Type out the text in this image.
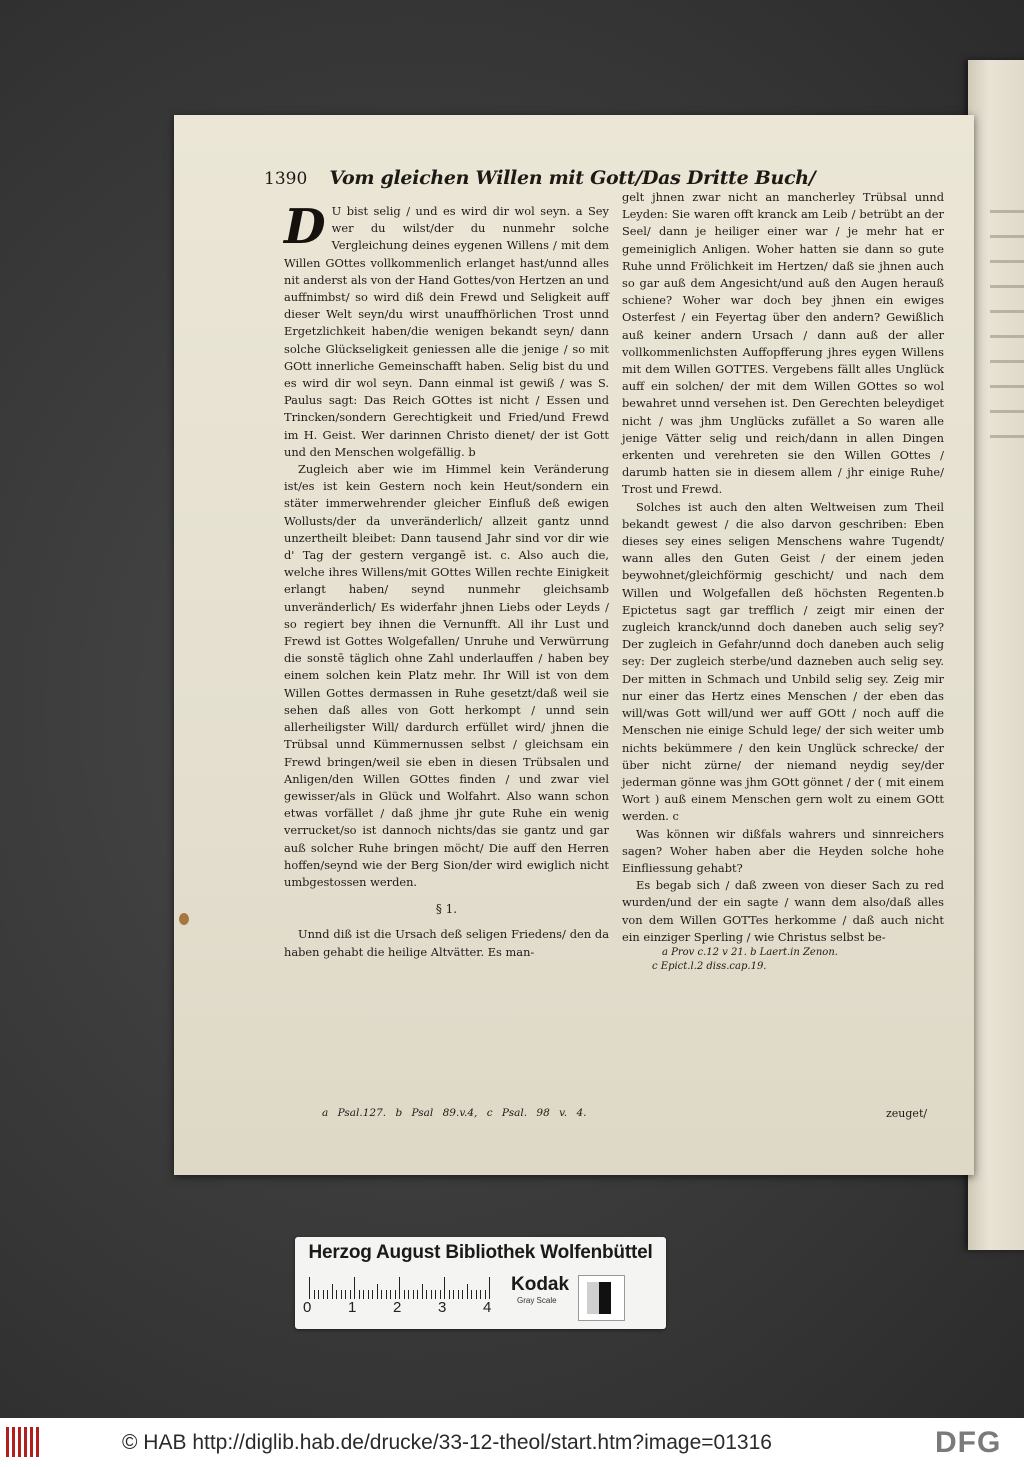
1390 Vom gleichen Willen mit Gott/Das Dritte Buch/

D U bist selig / und es wird dir wol seyn. a Sey wer du wilst/der du nunmehr solche Vergleichung deines eygenen Willens / mit dem Willen GOttes vollkommenlich erlanget hast/unnd alles nit anderst als von der Hand Gottes/von Hertzen an und auffnimbst/ so wird diß dein Frewd und Seligkeit auff dieser Welt seyn/du wirst unauffhörlichen Trost unnd Ergetzlichkeit haben/die wenigen bekandt seyn/ dann solche Glückseligkeit geniessen alle die jenige / so mit GOtt innerliche Gemeinschafft haben. Selig bist du und es wird dir wol seyn. Dann einmal ist gewiß / was S. Paulus sagt: Das Reich GOttes ist nicht / Essen und Trincken/sondern Gerechtigkeit und Fried/und Frewd im H. Geist. Wer darinnen Christo dienet/ der ist Gott und den Menschen wolgefällig. b

Zugleich aber wie im Himmel kein Veränderung ist/es ist kein Gestern noch kein Heut/sondern ein stäter immerwehrender gleicher Einfluß deß ewigen Wollusts/der da unveränderlich/ allzeit gantz unnd unzertheilt bleibet: Dann tausend Jahr sind vor dir wie d' Tag der gestern vergangē ist. c. Also auch die, welche ihres Willens/mit GOttes Willen rechte Einigkeit erlangt haben/ seynd nunmehr gleichsamb unveränderlich/ Es widerfahr jhnen Liebs oder Leyds / so regiert bey ihnen die Vernunfft. All ihr Lust und Frewd ist Gottes Wolgefallen/ Unruhe und Verwürrung die sonstē täglich ohne Zahl underlauffen / haben bey einem solchen kein Platz mehr. Ihr Will ist von dem Willen Gottes dermassen in Ruhe gesetzt/daß weil sie sehen daß alles von Gott herkompt / unnd sein allerheiligster Will/ dardurch erfüllet wird/ jhnen die Trübsal unnd Kümmernussen selbst / gleichsam ein Frewd bringen/weil sie eben in diesen Trübsalen und Anligen/den Willen GOttes finden / und zwar viel gewisser/als in Glück und Wolfahrt. Also wann schon etwas vorfället / daß jhme jhr gute Ruhe ein wenig verrucket/so ist dannoch nichts/das sie gantz und gar auß solcher Ruhe bringen möcht/ Die auff den Herren hoffen/seynd wie der Berg Sion/der wird ewiglich nicht umbgestossen werden.

§ 1.

Unnd diß ist die Ursach deß seligen Friedens/ den da haben gehabt die heilige Altvätter. Es man-

gelt jhnen zwar nicht an mancherley Trübsal unnd Leyden: Sie waren offt kranck am Leib / betrübt an der Seel/ dann je heiliger einer war / je mehr hat er gemeiniglich Anligen. Woher hatten sie dann so gute Ruhe unnd Frölichkeit im Hertzen/ daß sie jhnen auch so gar auß dem Angesicht/und auß den Augen herauß schiene? Woher war doch bey jhnen ein ewiges Osterfest / ein Feyertag über den andern? Gewißlich auß keiner andern Ursach / dann auß der aller vollkommenlichsten Auffopfferung jhres eygen Willens mit dem Willen GOTTES. Vergebens fällt alles Unglück auff ein solchen/ der mit dem Willen GOttes so wol bewahret unnd versehen ist. Den Gerechten beleydiget nicht / was jhm Unglücks zufället a So waren alle jenige Vätter selig und reich/dann in allen Dingen erkenten und verehreten sie den Willen GOttes / darumb hatten sie in diesem allem / jhr einige Ruhe/ Trost und Frewd.

Solches ist auch den alten Weltweisen zum Theil bekandt gewest / die also darvon geschriben: Eben dieses sey eines seligen Menschens wahre Tugendt/ wann alles den Guten Geist / der einem jeden beywohnet/gleichförmig geschicht/ und nach dem Willen und Wolgefallen deß höchsten Regenten.b Epictetus sagt gar trefflich / zeigt mir einen der zugleich kranck/unnd doch daneben auch selig sey? Der zugleich in Gefahr/unnd doch daneben auch selig sey: Der zugleich sterbe/und dazneben auch selig sey. Der mitten in Schmach und Unbild selig sey. Zeig mir nur einer das Hertz eines Menschen / der eben das will/was Gott will/und wer auff GOtt / noch auff die Menschen nie einige Schuld lege/ der sich weiter umb nichts bekümmere / den kein Unglück schrecke/ der über nicht zürne/ der niemand neydig sey/der jederman gönne was jhm GOtt gönnet / der ( mit einem Wort ) auß einem Menschen gern wolt zu einem GOtt werden. c

Was können wir dißfals wahrers und sinnreichers sagen? Woher haben aber die Heyden solche hohe Einfliessung gehabt?

Es begab sich / daß zween von dieser Sach zu red wurden/und der ein sagte / wann dem also/daß alles von dem Willen GOTTes herkomme / daß auch nicht ein einziger Sperling / wie Christus selbst be-

a Prov c.12 v 21. b Laert.in Zenon.

c Epict.l.2 diss.cap.19.

a Psal.127. b Psal 89.v.4, c Psal. 98 v. 4.	zeuget/
Herzog August Bibliothek Wolfenbüttel
0 1 2 3 4
Kodak
Gray Scale
© HAB http://diglib.hab.de/drucke/33-12-theol/start.htm?image=01316	DFG
